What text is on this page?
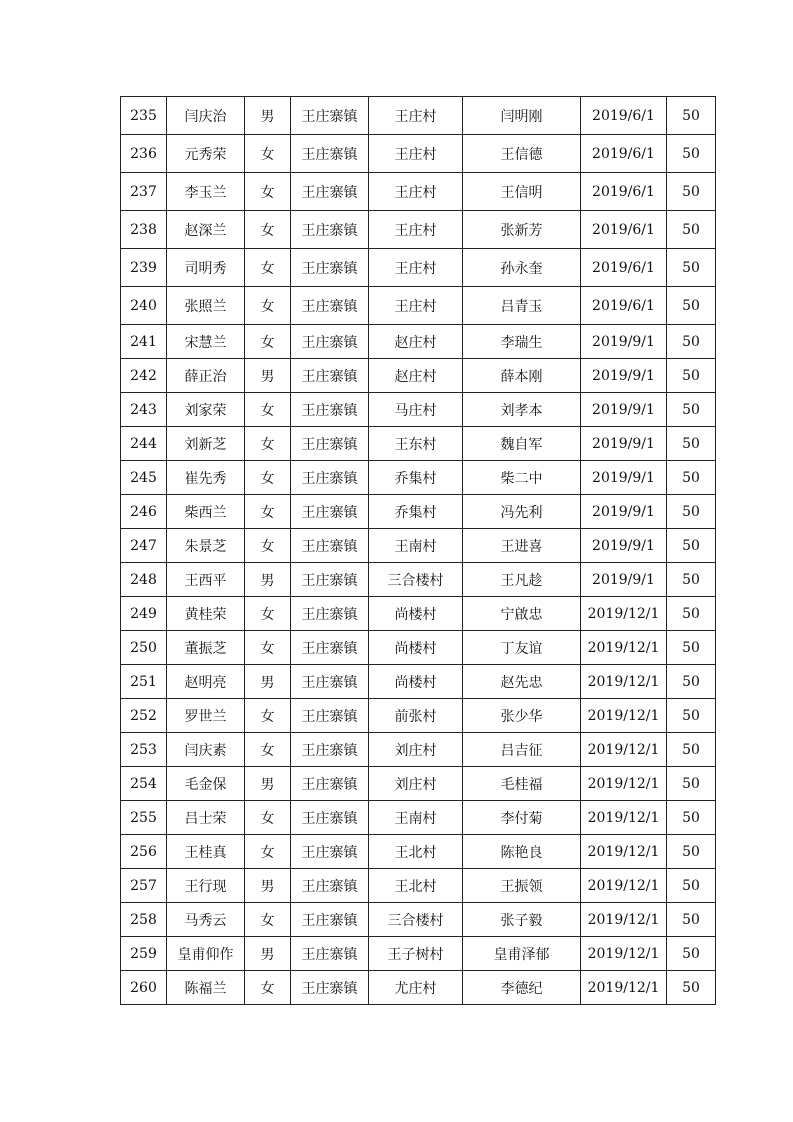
235	闫庆治	男	王庄寨镇	王庄村	闫明刚	2019/6/1	50
236	元秀荣	女	王庄寨镇	王庄村	王信德	2019/6/1	50
237	李玉兰	女	王庄寨镇	王庄村	王信明	2019/6/1	50
238	赵深兰	女	王庄寨镇	王庄村	张新芳	2019/6/1	50
239	司明秀	女	王庄寨镇	王庄村	孙永奎	2019/6/1	50
240	张照兰	女	王庄寨镇	王庄村	吕青玉	2019/6/1	50
241	宋慧兰	女	王庄寨镇	赵庄村	李瑞生	2019/9/1	50
242	薛正治	男	王庄寨镇	赵庄村	薛本刚	2019/9/1	50
243	刘家荣	女	王庄寨镇	马庄村	刘孝本	2019/9/1	50
244	刘新芝	女	王庄寨镇	王东村	魏自军	2019/9/1	50
245	崔先秀	女	王庄寨镇	乔集村	柴二中	2019/9/1	50
246	柴西兰	女	王庄寨镇	乔集村	冯先利	2019/9/1	50
247	朱景芝	女	王庄寨镇	王南村	王进喜	2019/9/1	50
248	王西平	男	王庄寨镇	三合楼村	王凡趁	2019/9/1	50
249	黄桂荣	女	王庄寨镇	尚楼村	宁啟忠	2019/12/1	50
250	董振芝	女	王庄寨镇	尚楼村	丁友谊	2019/12/1	50
251	赵明亮	男	王庄寨镇	尚楼村	赵先忠	2019/12/1	50
252	罗世兰	女	王庄寨镇	前张村	张少华	2019/12/1	50
253	闫庆素	女	王庄寨镇	刘庄村	吕吉征	2019/12/1	50
254	毛金保	男	王庄寨镇	刘庄村	毛桂福	2019/12/1	50
255	吕士荣	女	王庄寨镇	王南村	李付菊	2019/12/1	50
256	王桂真	女	王庄寨镇	王北村	陈艳良	2019/12/1	50
257	王行现	男	王庄寨镇	王北村	王振领	2019/12/1	50
258	马秀云	女	王庄寨镇	三合楼村	张子毅	2019/12/1	50
259	皇甫仰作	男	王庄寨镇	王子树村	皇甫泽郁	2019/12/1	50
260	陈福兰	女	王庄寨镇	尤庄村	李德纪	2019/12/1	50
